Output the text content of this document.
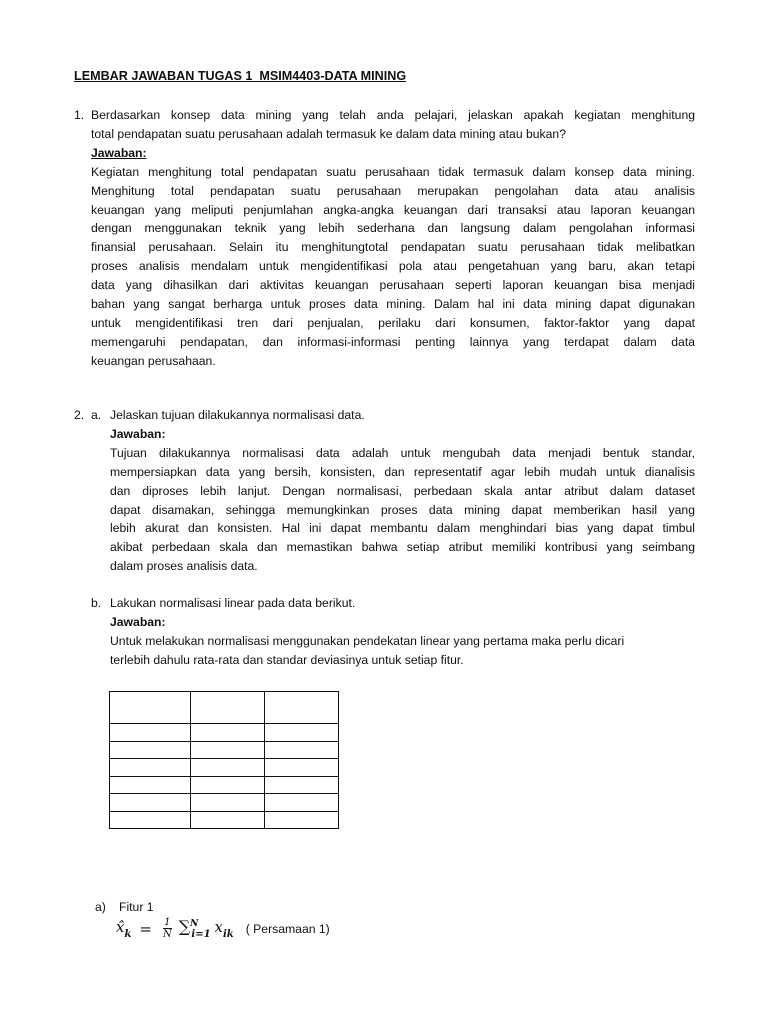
LEMBAR JAWABAN TUGAS 1  MSIM4403-DATA MINING
1. Berdasarkan konsep data mining yang telah anda pelajari, jelaskan apakah kegiatan menghitung

total pendapatan suatu perusahaan adalah termasuk ke dalam data mining atau bukan?

Jawaban:

Kegiatan menghitung total pendapatan suatu perusahaan tidak termasuk dalam konsep data mining.

Menghitung total pendapatan suatu perusahaan merupakan pengolahan data atau analisis

keuangan yang meliputi penjumlahan angka-angka keuangan dari transaksi atau laporan keuangan

dengan menggunakan teknik yang lebih sederhana dan langsung dalam pengolahan informasi

finansial perusahaan. Selain itu menghitungtotal pendapatan suatu perusahaan tidak melibatkan

proses analisis mendalam untuk mengidentifikasi pola atau pengetahuan yang baru, akan tetapi

data yang dihasilkan dari aktivitas keuangan perusahaan seperti laporan keuangan bisa menjadi

bahan yang sangat berharga untuk proses data mining. Dalam hal ini data mining dapat digunakan

untuk mengidentifikasi tren dari penjualan, perilaku dari konsumen, faktor-faktor yang dapat

memengaruhi pendapatan, dan informasi-informasi penting lainnya yang terdapat dalam data

keuangan perusahaan.

2. a. Jelaskan tujuan dilakukannya normalisasi data.

Jawaban:

Tujuan dilakukannya normalisasi data adalah untuk mengubah data menjadi bentuk standar,

mempersiapkan data yang bersih, konsisten, dan representatif agar lebih mudah untuk dianalisis

dan diproses lebih lanjut. Dengan normalisasi, perbedaan skala antar atribut dalam dataset

dapat disamakan, sehingga memungkinkan proses data mining dapat memberikan hasil yang

lebih akurat dan konsisten. Hal ini dapat membantu dalam menghindari bias yang dapat timbul

akibat perbedaan skala dan memastikan bahwa setiap atribut memiliki kontribusi yang seimbang

dalam proses analisis data.

b. Lakukan normalisasi linear pada data berikut.

Jawaban:

Untuk melakukan normalisasi menggunakan pendekatan linear yang pertama maka perlu dicari

terlebih dahulu rata-rata dan standar deviasinya untuk setiap fitur.

a) Fitur 1
$x̂_k = \frac{1}{N} \sum^N_{i=1}$ $x_{ik}$ ( Persamaan 1)
